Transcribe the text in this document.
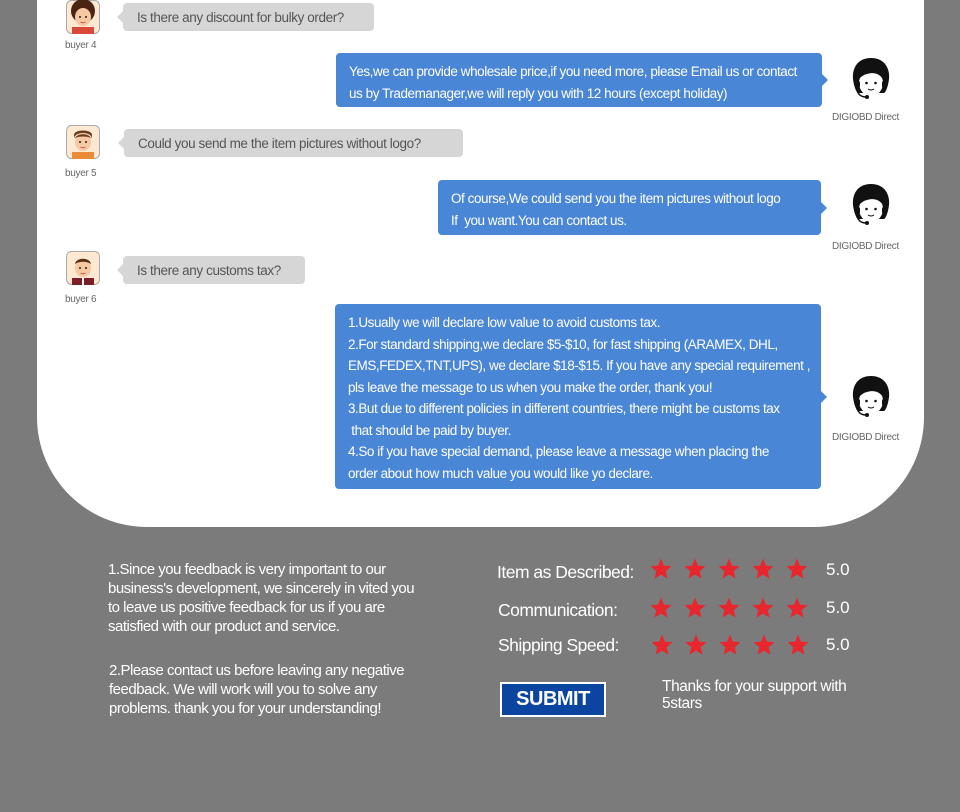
buyer 4
Is there any discount for bulky order?
Yes,we can provide wholesale price,if you need more, please Email us or contact
us by Trademanager,we will reply you with 12 hours (except holiday)
DIGIOBD Direct
buyer 5
Could you send me the item pictures without logo?
Of course,We could send you the item pictures without logo
If  you want.You can contact us.
DIGIOBD Direct
buyer 6
Is there any customs tax?
1.Usually we will declare low value to avoid customs tax.
2.For standard shipping,we declare $5-$10, for fast shipping (ARAMEX, DHL,
EMS,FEDEX,TNT,UPS), we declare $18-$15. If you have any special requirement ,
pls leave the message to us when you make the order, thank you!
3.But due to different policies in different countries, there might be customs tax
that should be paid by buyer.
4.So if you have special demand, please leave a message when placing the
order about how much value you would like yo declare.
DIGIOBD Direct
1.Since you feedback is very important to our business's development, we sincerely in vited you to leave us positive feedback for us if you are satisfied with our product and service.
2.Please contact us before leaving any negative feedback. We will work will you to solve any problems. thank you for your understanding!
Item as Described:	5.0
Communication:	5.0
Shipping Speed:	5.0
SUBMIT
Thanks for your support with 5stars
